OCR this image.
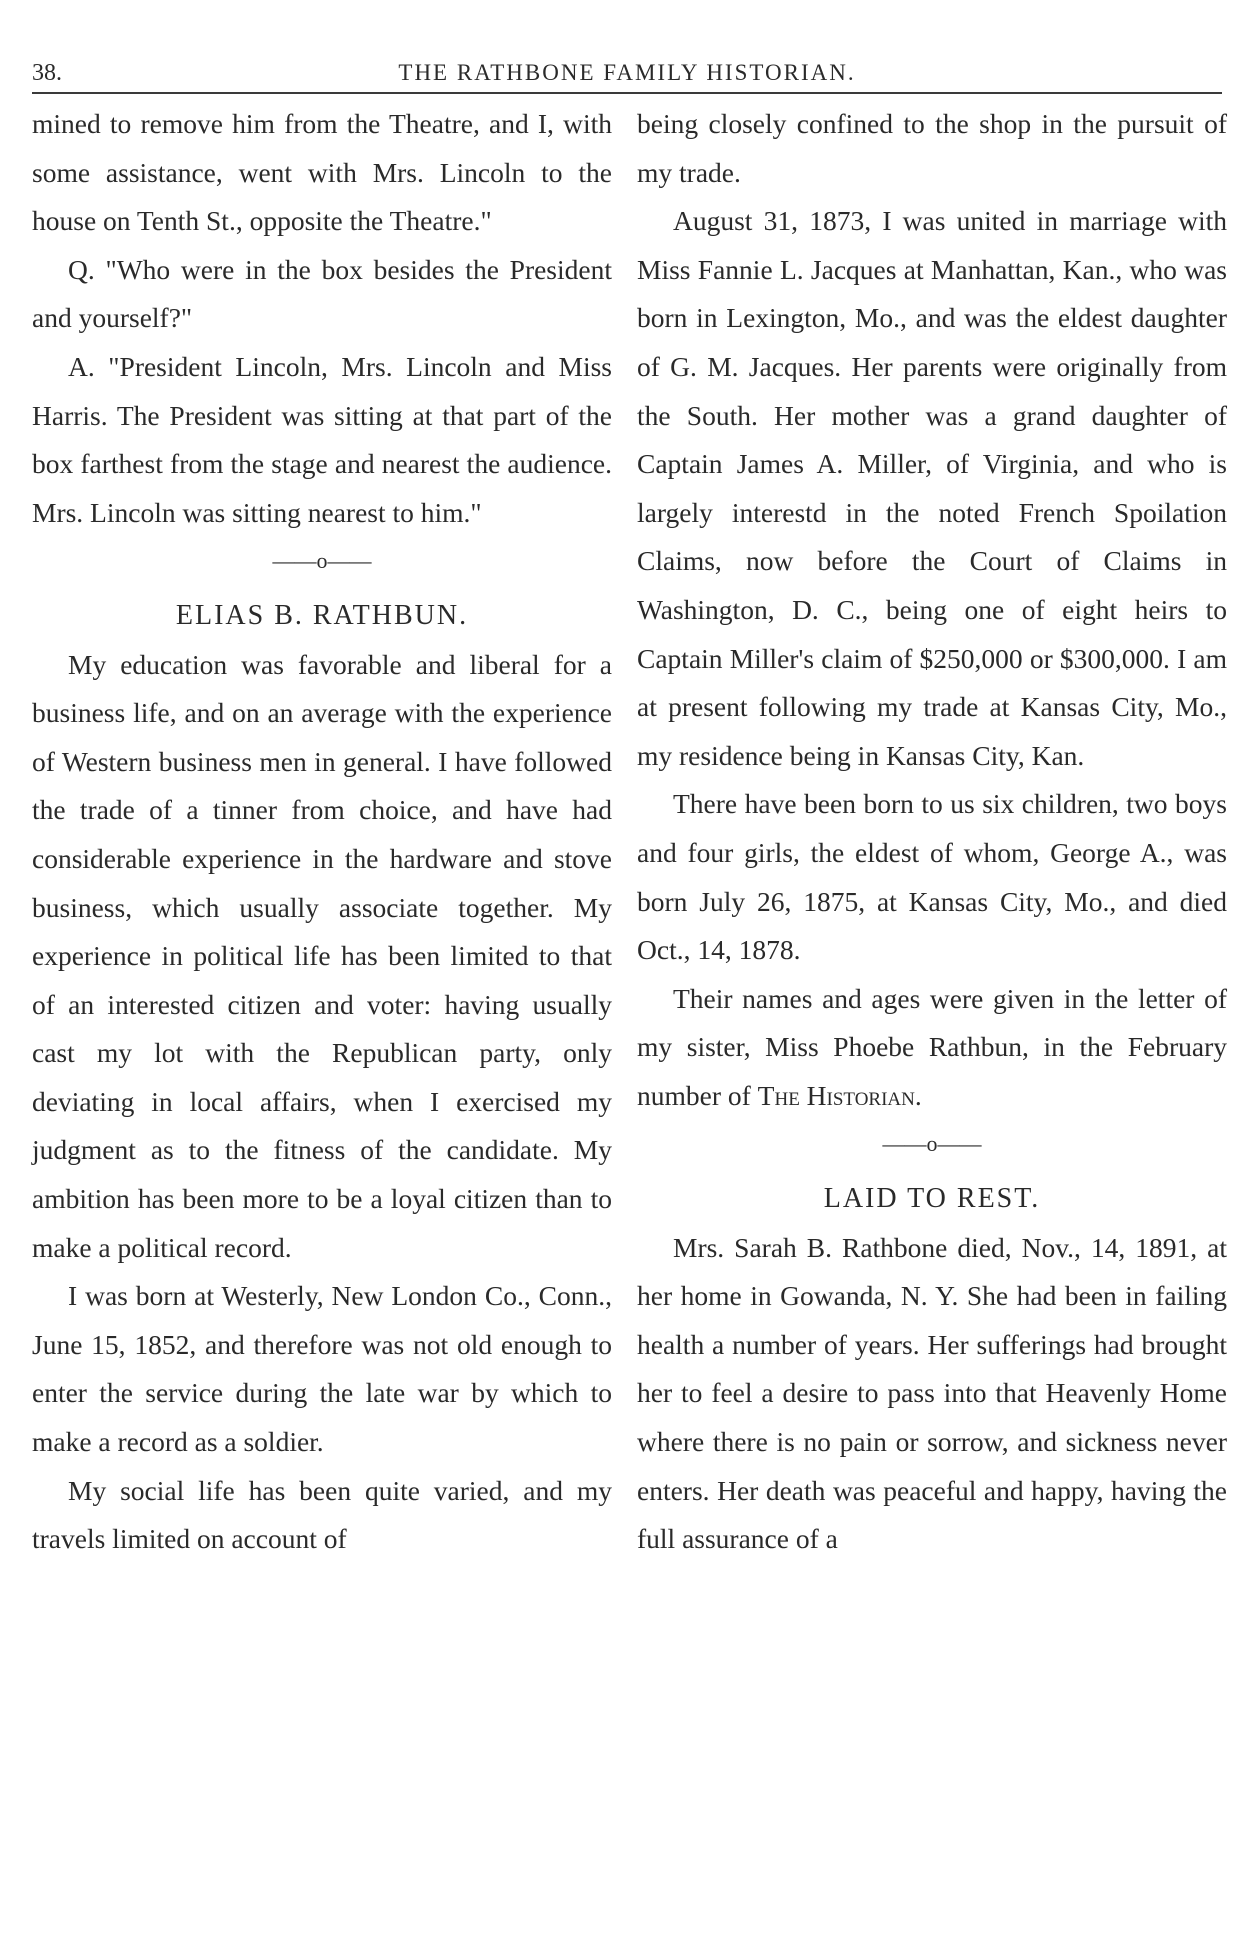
38.	THE RATHBONE FAMILY HISTORIAN.

mined to remove him from the Theatre, and I, with some assistance, went with Mrs. Lincoln to the house on Tenth St., opposite the Theatre."

Q. "Who were in the box besides the President and yourself?"

A. "President Lincoln, Mrs. Lincoln and Miss Harris. The President was sitting at that part of the box farthest from the stage and nearest the audience. Mrs. Lincoln was sitting nearest to him."

——o——
ELIAS B. RATHBUN.

My education was favorable and liberal for a business life, and on an average with the experience of Western business men in general. I have followed the trade of a tinner from choice, and have had considerable experience in the hardware and stove business, which usually associate together. My experience in political life has been limited to that of an interested citizen and voter: having usually cast my lot with the Republican party, only deviating in local affairs, when I exercised my judgment as to the fitness of the candidate. My ambition has been more to be a loyal citizen than to make a political record.

I was born at Westerly, New London Co., Conn., June 15, 1852, and therefore was not old enough to enter the service during the late war by which to make a record as a soldier.

My social life has been quite varied, and my travels limited on account of

being closely confined to the shop in the pursuit of my trade.

August 31, 1873, I was united in marriage with Miss Fannie L. Jacques at Manhattan, Kan., who was born in Lexington, Mo., and was the eldest daughter of G. M. Jacques. Her parents were originally from the South. Her mother was a grand daughter of Captain James A. Miller, of Virginia, and who is largely interestd in the noted French Spoilation Claims, now before the Court of Claims in Washington, D. C., being one of eight heirs to Captain Miller's claim of $250,000 or $300,000. I am at present following my trade at Kansas City, Mo., my residence being in Kansas City, Kan.

There have been born to us six children, two boys and four girls, the eldest of whom, George A., was born July 26, 1875, at Kansas City, Mo., and died Oct., 14, 1878.

Their names and ages were given in the letter of my sister, Miss Phoebe Rathbun, in the February number of The Historian.

——o——
LAID TO REST.

Mrs. Sarah B. Rathbone died, Nov., 14, 1891, at her home in Gowanda, N. Y. She had been in failing health a number of years. Her sufferings had brought her to feel a desire to pass into that Heavenly Home where there is no pain or sorrow, and sickness never enters. Her death was peaceful and happy, having the full assurance of a
